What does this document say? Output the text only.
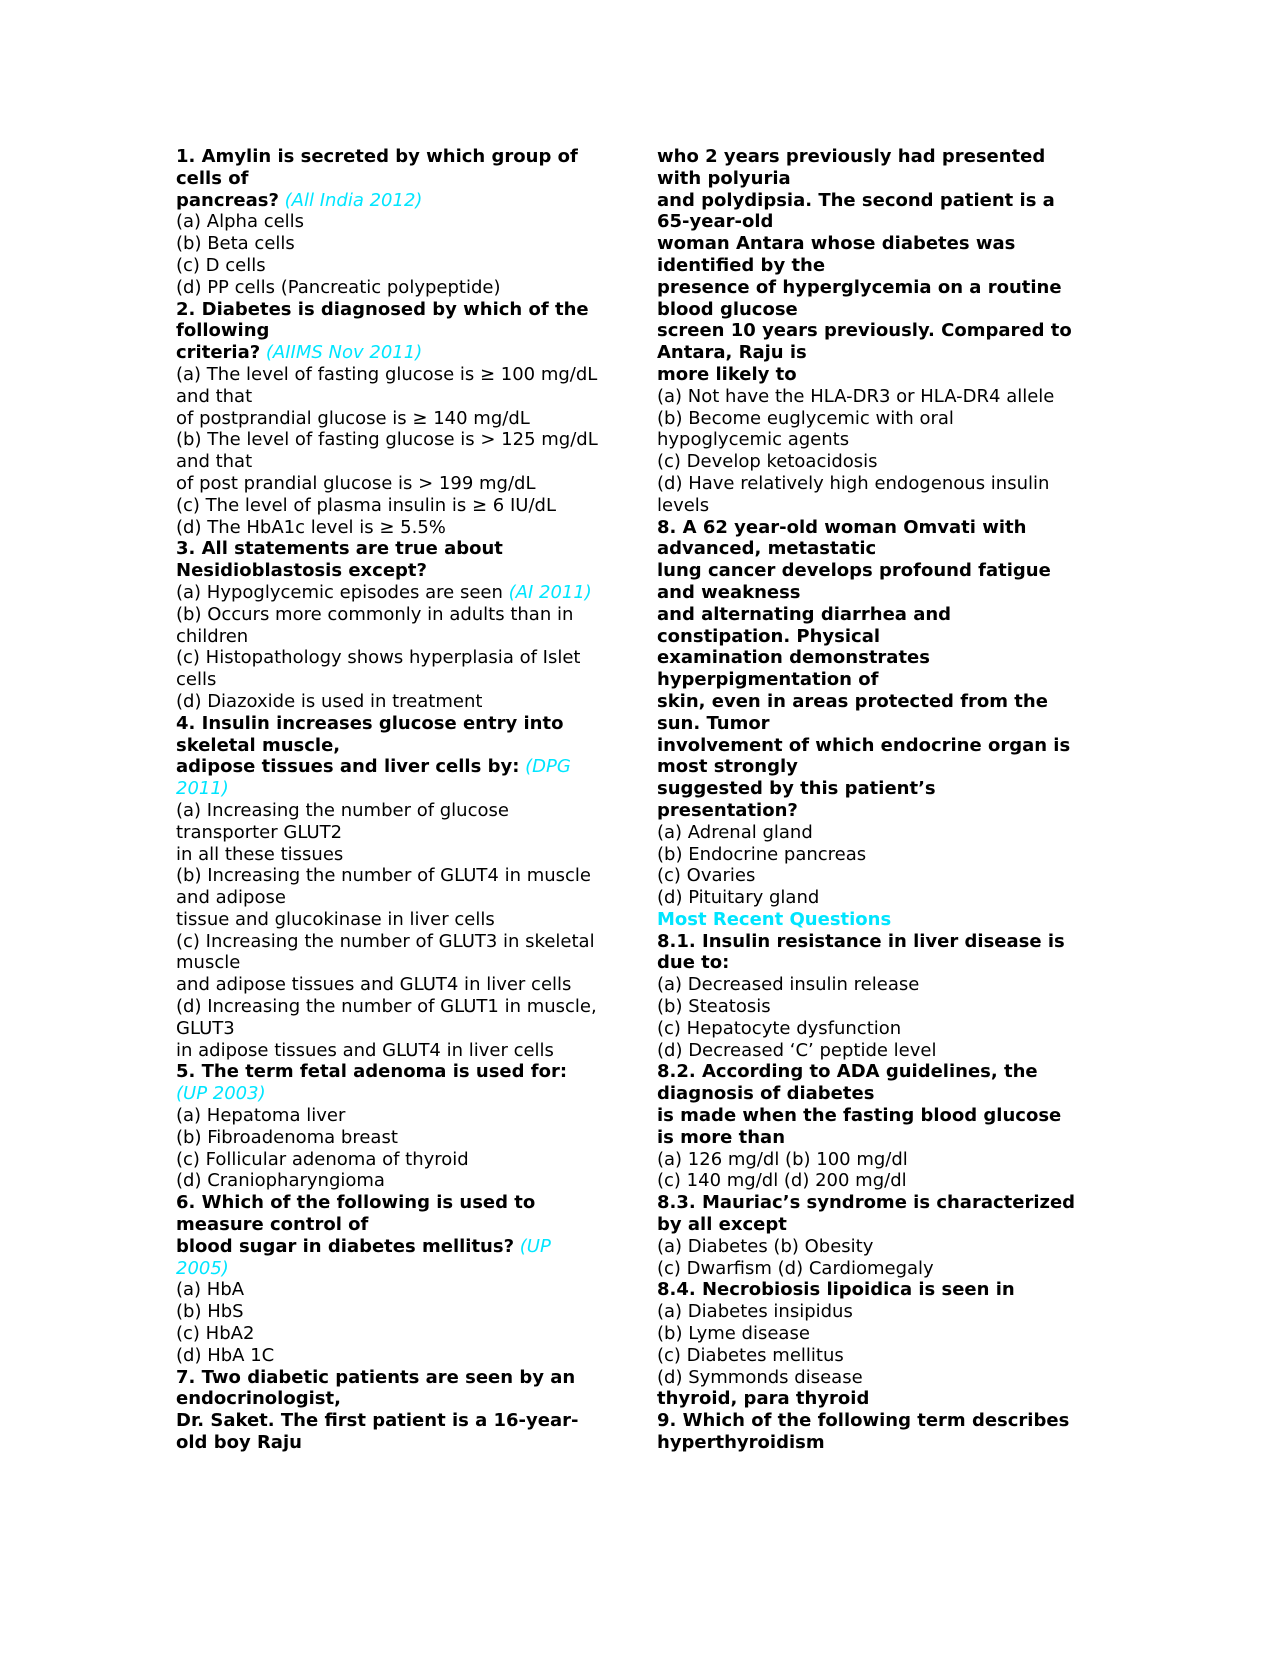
1. Amylin is secreted by which group of
cells of
pancreas? (All India 2012)
(a) Alpha cells
(b) Beta cells
(c) D cells
(d) PP cells (Pancreatic polypeptide)
2. Diabetes is diagnosed by which of the
following
criteria? (AIIMS Nov 2011)
(a) The level of fasting glucose is ≥ 100 mg/dL
and that
of postprandial glucose is ≥ 140 mg/dL
(b) The level of fasting glucose is > 125 mg/dL
and that
of post prandial glucose is > 199 mg/dL
(c) The level of plasma insulin is ≥ 6 IU/dL
(d) The HbA1c level is ≥ 5.5%
3. All statements are true about
Nesidioblastosis except?
(a) Hypoglycemic episodes are seen (AI 2011)
(b) Occurs more commonly in adults than in
children
(c) Histopathology shows hyperplasia of Islet
cells
(d) Diazoxide is used in treatment
4. Insulin increases glucose entry into
skeletal muscle,
adipose tissues and liver cells by: (DPG
2011)
(a) Increasing the number of glucose
transporter GLUT2
in all these tissues
(b) Increasing the number of GLUT4 in muscle
and adipose
tissue and glucokinase in liver cells
(c) Increasing the number of GLUT3 in skeletal
muscle
and adipose tissues and GLUT4 in liver cells
(d) Increasing the number of GLUT1 in muscle,
GLUT3
in adipose tissues and GLUT4 in liver cells
5. The term fetal adenoma is used for:
(UP 2003)
(a) Hepatoma liver
(b) Fibroadenoma breast
(c) Follicular adenoma of thyroid
(d) Craniopharyngioma
6. Which of the following is used to
measure control of
blood sugar in diabetes mellitus? (UP
2005)
(a) HbA
(b) HbS
(c) HbA2
(d) HbA 1C
7. Two diabetic patients are seen by an
endocrinologist,
Dr. Saket. The first patient is a 16-year-
old boy Raju
who 2 years previously had presented
with polyuria
and polydipsia. The second patient is a
65-year-old
woman Antara whose diabetes was
identified by the
presence of hyperglycemia on a routine
blood glucose
screen 10 years previously. Compared to
Antara, Raju is
more likely to
(a) Not have the HLA-DR3 or HLA-DR4 allele
(b) Become euglycemic with oral
hypoglycemic agents
(c) Develop ketoacidosis
(d) Have relatively high endogenous insulin
levels
8. A 62 year-old woman Omvati with
advanced, metastatic
lung cancer develops profound fatigue
and weakness
and alternating diarrhea and
constipation. Physical
examination demonstrates
hyperpigmentation of
skin, even in areas protected from the
sun. Tumor
involvement of which endocrine organ is
most strongly
suggested by this patient’s
presentation?
(a) Adrenal gland
(b) Endocrine pancreas
(c) Ovaries
(d) Pituitary gland
Most Recent Questions
8.1. Insulin resistance in liver disease is
due to:
(a) Decreased insulin release
(b) Steatosis
(c) Hepatocyte dysfunction
(d) Decreased ‘C’ peptide level
8.2. According to ADA guidelines, the
diagnosis of diabetes
is made when the fasting blood glucose
is more than
(a) 126 mg/dl (b) 100 mg/dl
(c) 140 mg/dl (d) 200 mg/dl
8.3. Mauriac’s syndrome is characterized
by all except
(a) Diabetes (b) Obesity
(c) Dwarfism (d) Cardiomegaly
8.4. Necrobiosis lipoidica is seen in
(a) Diabetes insipidus
(b) Lyme disease
(c) Diabetes mellitus
(d) Symmonds disease
thyroid, para thyroid
9. Which of the following term describes
hyperthyroidism
